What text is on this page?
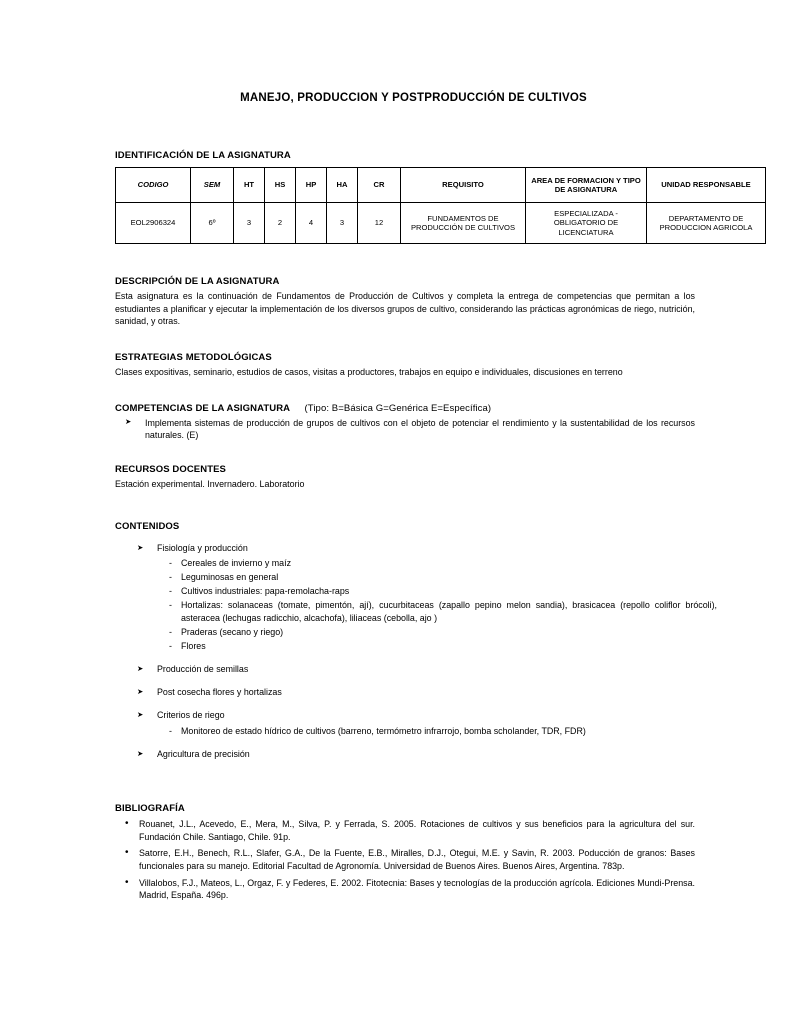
MANEJO, PRODUCCION Y POSTPRODUCCIÓN DE CULTIVOS
IDENTIFICACIÓN DE LA ASIGNATURA
CODIGO	SEM	HT	HS	HP	HA	CR	REQUISITO	AREA DE FORMACION Y TIPO DE ASIGNATURA	UNIDAD RESPONSABLE
EOL2906324	6º	3	2	4	3	12	FUNDAMENTOS DE PRODUCCIÓN DE CULTIVOS	ESPECIALIZADA - OBLIGATORIO DE LICENCIATURA	DEPARTAMENTO DE PRODUCCION AGRICOLA
DESCRIPCIÓN DE LA ASIGNATURA

Esta asignatura es la continuación de Fundamentos de Producción de Cultivos y completa la entrega de competencias que permitan a los estudiantes a planificar y ejecutar la implementación de los diversos grupos de cultivo, considerando las prácticas agronómicas de riego, nutrición, sanidad, y otras.

ESTRATEGIAS METODOLÓGICAS

Clases expositivas, seminario, estudios de casos, visitas a productores, trabajos en equipo e individuales, discusiones en terreno

COMPETENCIAS DE LA ASIGNATURA (Tipo: B=Básica G=Genérica E=Específica)
➤ Implementa sistemas de producción de grupos de cultivos con el objeto de potenciar el rendimiento y la sustentabilidad de los recursos naturales. (E)
RECURSOS DOCENTES

Estación experimental. Invernadero. Laboratorio

CONTENIDOS
➤ Fisiología y producción
- Cereales de invierno y maíz
- Leguminosas en general
- Cultivos industriales: papa-remolacha-raps
- Hortalizas: solanaceas (tomate, pimentón, ají), cucurbitaceas (zapallo pepino melon sandia), brasicacea (repollo coliflor brócoli), asteracea (lechugas radicchio, alcachofa), liliaceas (cebolla, ajo )
- Praderas (secano y riego)
- Flores
➤ Producción de semillas
➤ Post cosecha flores y hortalizas
➤ Criterios de riego
- Monitoreo de estado hídrico de cultivos (barreno, termómetro infrarrojo, bomba scholander, TDR, FDR)
➤ Agricultura de precisión
BIBLIOGRAFÍA
• Rouanet, J.L., Acevedo, E., Mera, M., Silva, P. y Ferrada, S. 2005. Rotaciones de cultivos y sus beneficios para la agricultura del sur. Fundación Chile. Santiago, Chile. 91p.
• Satorre, E.H., Benech, R.L., Slafer, G.A., De la Fuente, E.B., Miralles, D.J., Otegui, M.E. y Savin, R. 2003. Poducción de granos: Bases funcionales para su manejo. Editorial Facultad de Agronomía. Universidad de Buenos Aires. Buenos Aires, Argentina. 783p.
• Villalobos, F.J., Mateos, L., Orgaz, F. y Federes, E. 2002. Fitotecnia: Bases y tecnologías de la producción agrícola. Ediciones Mundi-Prensa. Madrid, España. 496p.
